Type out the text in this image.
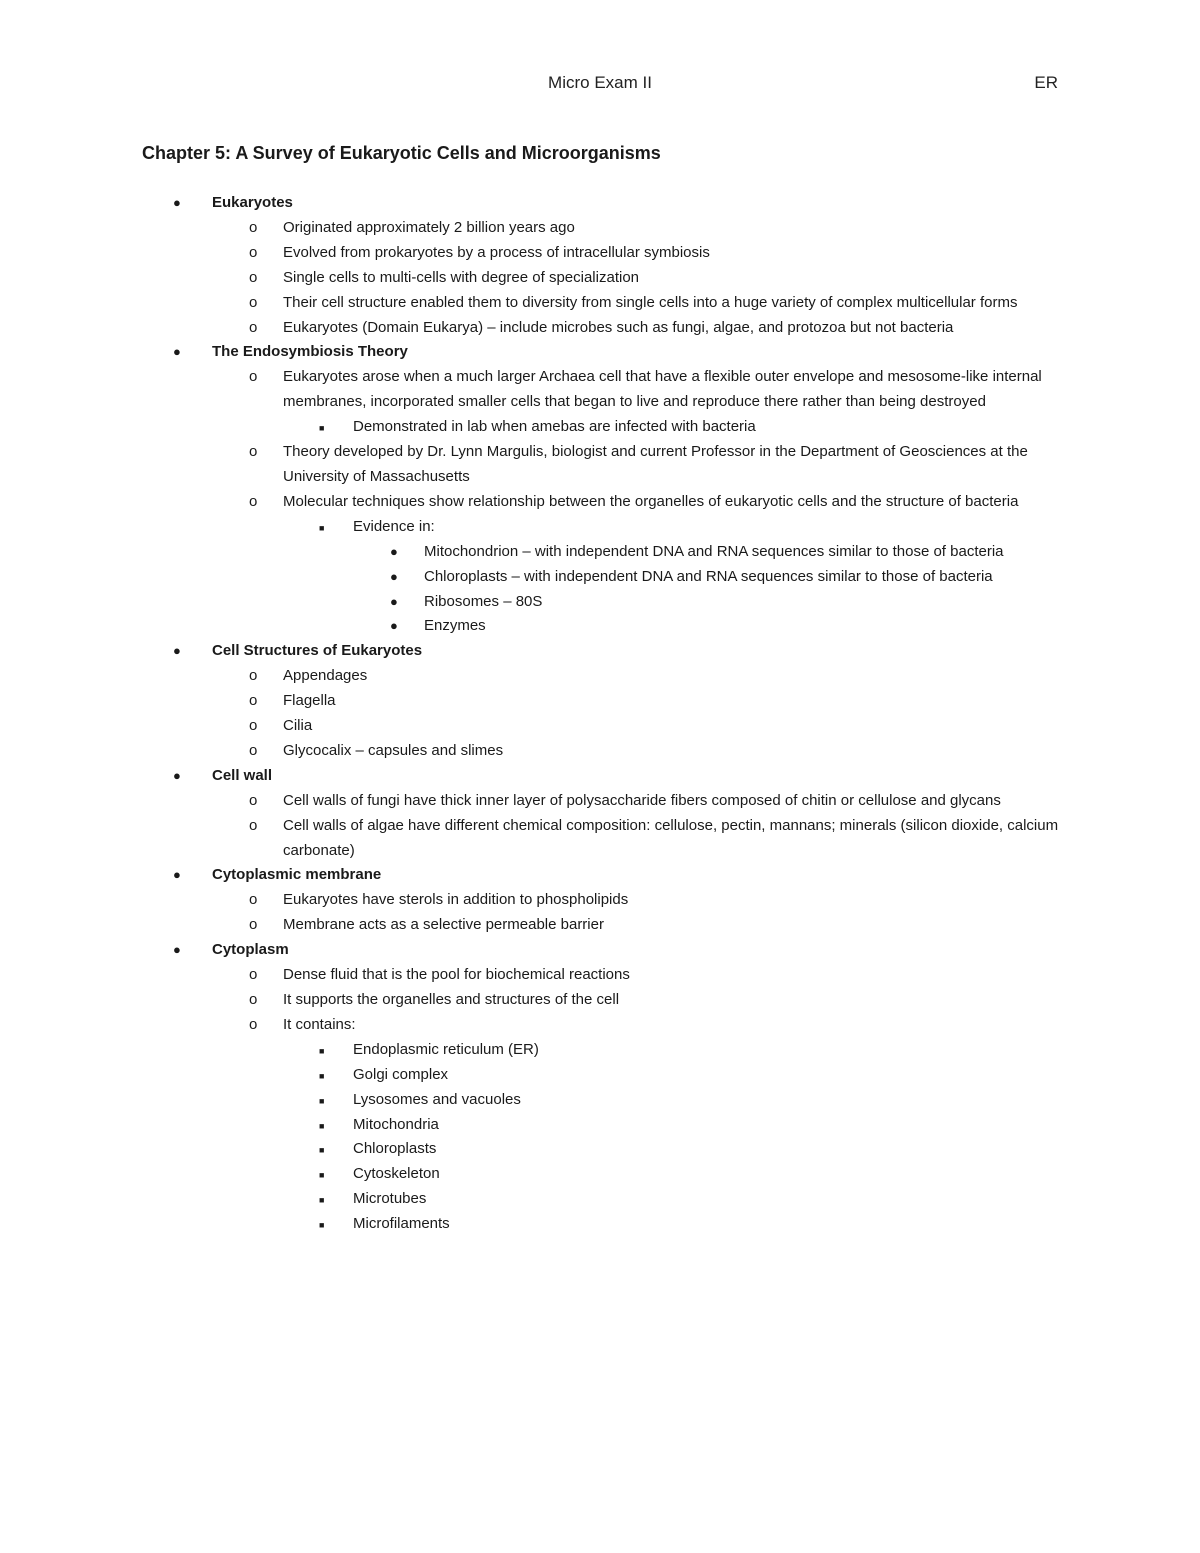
Micro Exam II	ER
Chapter 5: A Survey of Eukaryotic Cells and Microorganisms
● Eukaryotes
o Originated approximately 2 billion years ago
o Evolved from prokaryotes by a process of intracellular symbiosis
o Single cells to multi-cells with degree of specialization
o Their cell structure enabled them to diversity from single cells into a huge variety of complex multicellular forms
o Eukaryotes (Domain Eukarya) – include microbes such as fungi, algae, and protozoa but not bacteria
● The Endosymbiosis Theory
o Eukaryotes arose when a much larger Archaea cell that have a flexible outer envelope and mesosome-like internal membranes, incorporated smaller cells that began to live and reproduce there rather than being destroyed
■ Demonstrated in lab when amebas are infected with bacteria
o Theory developed by Dr. Lynn Margulis, biologist and current Professor in the Department of Geosciences at the University of Massachusetts
o Molecular techniques show relationship between the organelles of eukaryotic cells and the structure of bacteria
■ Evidence in:
● Mitochondrion – with independent DNA and RNA sequences similar to those of bacteria
● Chloroplasts – with independent DNA and RNA sequences similar to those of bacteria
● Ribosomes – 80S
● Enzymes
● Cell Structures of Eukaryotes
o Appendages
o Flagella
o Cilia
o Glycocalix – capsules and slimes
● Cell wall
o Cell walls of fungi have thick inner layer of polysaccharide fibers composed of chitin or cellulose and glycans
o Cell walls of algae have different chemical composition: cellulose, pectin, mannans; minerals (silicon dioxide, calcium carbonate)
● Cytoplasmic membrane
o Eukaryotes have sterols in addition to phospholipids
o Membrane acts as a selective permeable barrier
● Cytoplasm
o Dense fluid that is the pool for biochemical reactions
o It supports the organelles and structures of the cell
o It contains:
■ Endoplasmic reticulum (ER)
■ Golgi complex
■ Lysosomes and vacuoles
■ Mitochondria
■ Chloroplasts
■ Cytoskeleton
■ Microtubes
■ Microfilaments
